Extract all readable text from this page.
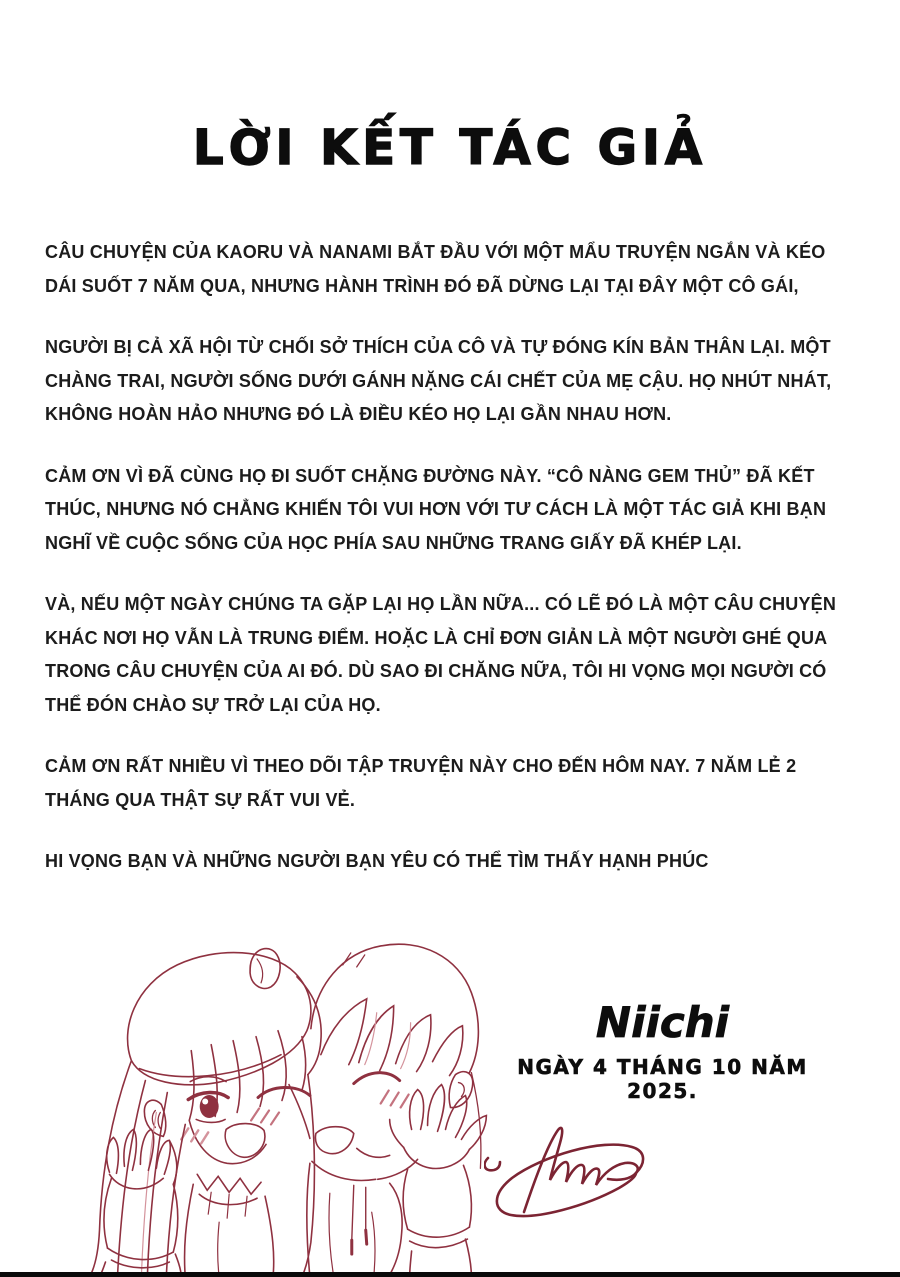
LỜI KẾT TÁC GIẢ

CÂU CHUYỆN CỦA KAORU VÀ NANAMI BẮT ĐẦU VỚI MỘT MẨU TRUYỆN NGẮN VÀ KÉO DÁI SUỐT 7 NĂM QUA, NHƯNG HÀNH TRÌNH ĐÓ ĐÃ DỪNG LẠI TẠI ĐÂY MỘT CÔ GÁI,

NGƯỜI BỊ CẢ XÃ HỘI TỪ CHỐI SỞ THÍCH CỦA CÔ VÀ TỰ ĐÓNG KÍN BẢN THÂN LẠI. MỘT CHÀNG TRAI, NGƯỜI SỐNG DƯỚI GÁNH NẶNG CÁI CHẾT CỦA MẸ CẬU. HỌ NHÚT NHÁT, KHÔNG HOÀN HẢO NHƯNG ĐÓ LÀ ĐIỀU KÉO HỌ LẠI GẦN NHAU HƠN.

CẢM ƠN VÌ ĐÃ CÙNG HỌ ĐI SUỐT CHẶNG ĐƯỜNG NÀY. “CÔ NÀNG GEM THỦ” ĐÃ KẾT THÚC, NHƯNG NÓ CHẲNG KHIẾN TÔI VUI HƠN VỚI TƯ CÁCH LÀ MỘT TÁC GIẢ KHI BẠN NGHĨ VỀ CUỘC SỐNG CỦA HỌC PHÍA SAU NHỮNG TRANG GIẤY ĐÃ KHÉP LẠI.

VÀ, NẾU MỘT NGÀY CHÚNG TA GẶP LẠI HỌ LẦN NỮA... CÓ LẼ ĐÓ LÀ MỘT CÂU CHUYỆN KHÁC NƠI HỌ VẪN LÀ TRUNG ĐIỂM. HOẶC LÀ CHỈ ĐƠN GIẢN LÀ MỘT NGƯỜI GHÉ QUA TRONG CÂU CHUYỆN CỦA AI ĐÓ. DÙ SAO ĐI CHĂNG NỮA, TÔI HI VỌNG MỌI NGƯỜI CÓ THỂ ĐÓN CHÀO SỰ TRỞ LẠI CỦA HỌ.

CẢM ƠN RẤT NHIỀU VÌ THEO DÕI TẬP TRUYỆN NÀY CHO ĐẾN HÔM NAY. 7 NĂM LẺ 2 THÁNG QUA THẬT SỰ RẤT VUI VẺ.

HI VỌNG BẠN VÀ NHỮNG NGƯỜI BẠN YÊU CÓ THỂ TÌM THẤY HẠNH PHÚC

Niichi
NGÀY 4 THÁNG 10 NĂM 2025.
